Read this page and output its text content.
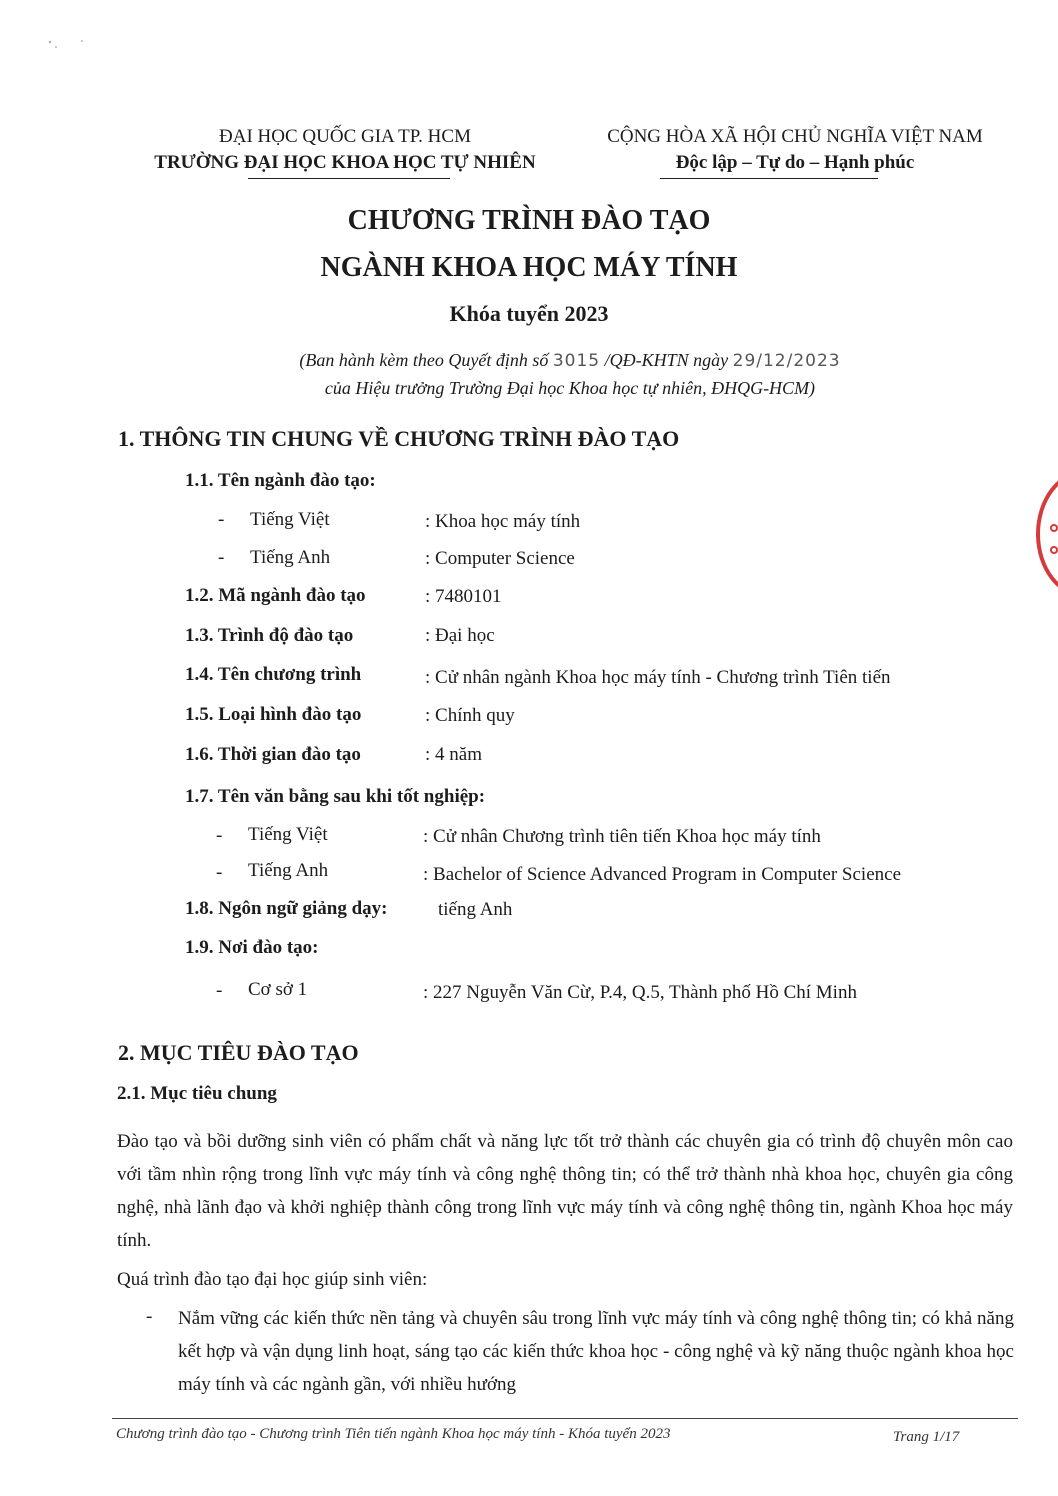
ĐẠI HỌC QUỐC GIA TP. HCM
TRƯỜNG ĐẠI HỌC KHOA HỌC TỰ NHIÊN
CỘNG HÒA XÃ HỘI CHỦ NGHĨA VIỆT NAM
Độc lập – Tự do – Hạnh phúc
CHƯƠNG TRÌNH ĐÀO TẠO
NGÀNH KHOA HỌC MÁY TÍNH
Khóa tuyển 2023
(Ban hành kèm theo Quyết định số 3015 /QĐ-KHTN ngày 29/12/2023
của Hiệu trưởng Trường Đại học Khoa học tự nhiên, ĐHQG-HCM)
1. THÔNG TIN CHUNG VỀ CHƯƠNG TRÌNH ĐÀO TẠO
1.1. Tên ngành đào tạo:
- Tiếng Việt	: Khoa học máy tính
- Tiếng Anh	: Computer Science
1.2. Mã ngành đào tạo	: 7480101
1.3. Trình độ đào tạo	: Đại học
1.4. Tên chương trình	: Cử nhân ngành Khoa học máy tính - Chương trình Tiên tiến
1.5. Loại hình đào tạo	: Chính quy
1.6. Thời gian đào tạo	: 4 năm
1.7. Tên văn bằng sau khi tốt nghiệp:
- Tiếng Việt	: Cử nhân Chương trình tiên tiến Khoa học máy tính
- Tiếng Anh	: Bachelor of Science Advanced Program in Computer Science
1.8. Ngôn ngữ giảng dạy:	tiếng Anh
1.9. Nơi đào tạo:
- Cơ sở 1	: 227 Nguyễn Văn Cừ, P.4, Q.5, Thành phố Hồ Chí Minh
2. MỤC TIÊU ĐÀO TẠO
2.1. Mục tiêu chung
Đào tạo và bồi dưỡng sinh viên có phẩm chất và năng lực tốt trở thành các chuyên gia có trình độ chuyên môn cao với tầm nhìn rộng trong lĩnh vực máy tính và công nghệ thông tin; có thể trở thành nhà khoa học, chuyên gia công nghệ, nhà lãnh đạo và khởi nghiệp thành công trong lĩnh vực máy tính và công nghệ thông tin, ngành Khoa học máy tính.
Quá trình đào tạo đại học giúp sinh viên:
- Nắm vững các kiến thức nền tảng và chuyên sâu trong lĩnh vực máy tính và công nghệ thông tin; có khả năng kết hợp và vận dụng linh hoạt, sáng tạo các kiến thức khoa học - công nghệ và kỹ năng thuộc ngành khoa học máy tính và các ngành gần, với nhiều hướng
Chương trình đào tạo - Chương trình Tiên tiến ngành Khoa học máy tính - Khóa tuyển 2023	Trang 1/17
